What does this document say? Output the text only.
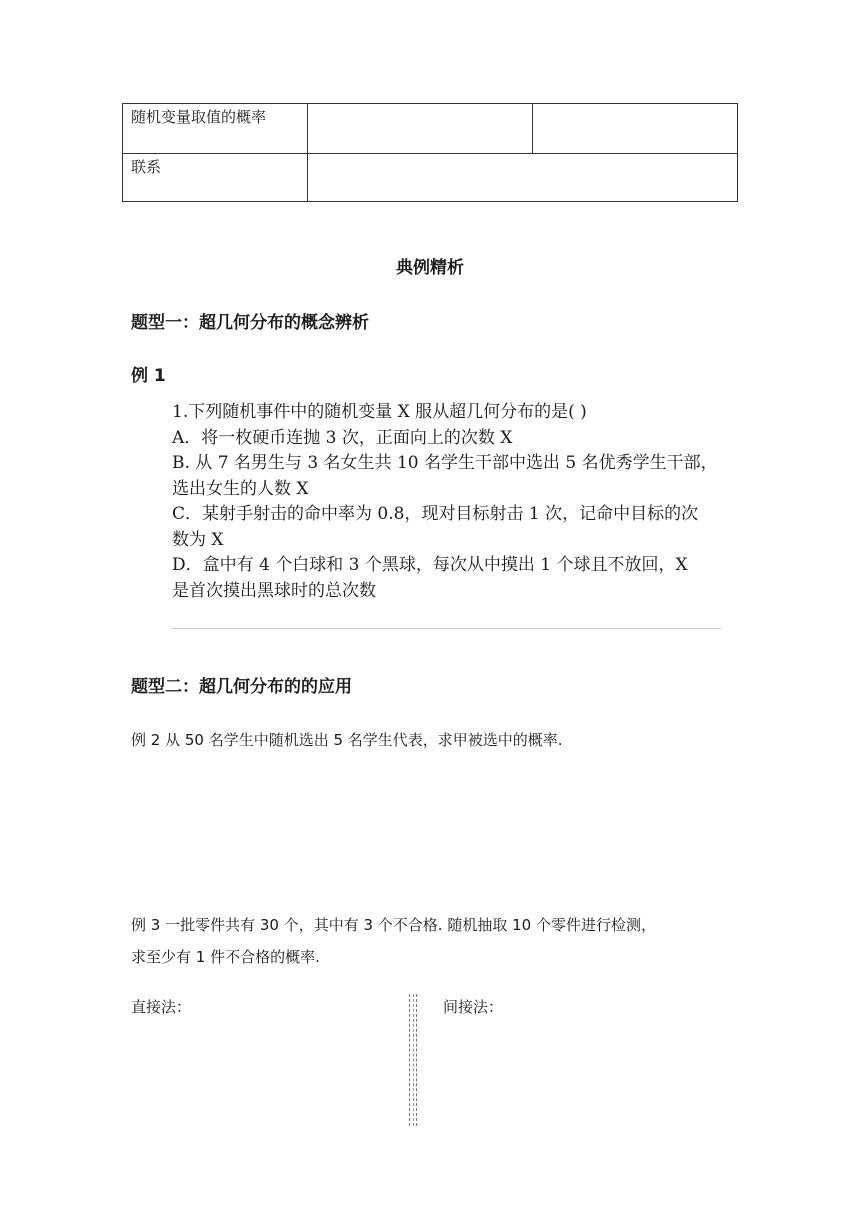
随机变量取值的概率
联系
典例精析
题型一：超几何分布的概念辨析
例 1
1.下列随机事件中的随机变量 X 服从超几何分布的是( )
A．将一枚硬币连抛 3 次，正面向上的次数 X
B. 从 7 名男生与 3 名女生共 10 名学生干部中选出 5 名优秀学生干部，
选出女生的人数 X
C．某射手射击的命中率为 0.8，现对目标射击 1 次，记命中目标的次
数为 X
D．盒中有 4 个白球和 3 个黑球，每次从中摸出 1 个球且不放回，X
是首次摸出黑球时的总次数
题型二：超几何分布的的应用
例 2 从 50 名学生中随机选出 5 名学生代表，求甲被选中的概率.
例 3 一批零件共有 30 个，其中有 3 个不合格. 随机抽取 10 个零件进行检测，
求至少有 1 件不合格的概率.
直接法：	间接法：
